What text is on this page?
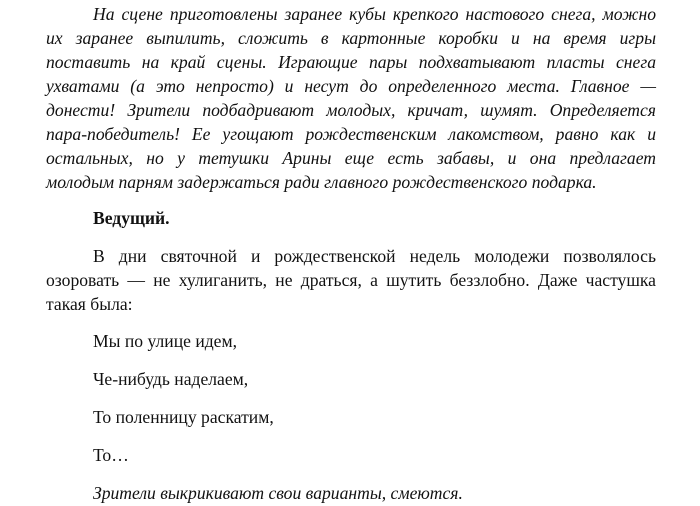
На сцене приготовлены заранее кубы крепкого настового снега, можно
их заранее выпилить, сложить в картонные коробки и на время игры
поставить на край сцены. Играющие пары подхватывают пласты снега
ухватами (а это непросто) и несут до определенного места. Главное —
донести! Зрители подбадривают молодых, кричат, шумят. Определяется
пара-победитель! Ее угощают рождественским лакомством, равно как и
остальных, но у тетушки Арины еще есть забавы, и она предлагает
молодым парням задержаться ради главного рождественского подарка.

Ведущий.

В дни святочной и рождественской недель молодежи позволялось
озоровать — не хулиганить, не драться, а шутить беззлобно. Даже частушка
такая была:

Мы по улице идем,

Че-нибудь наделаем,

То поленницу раскатим,

То…

Зрители выкрикивают свои варианты, смеются.
